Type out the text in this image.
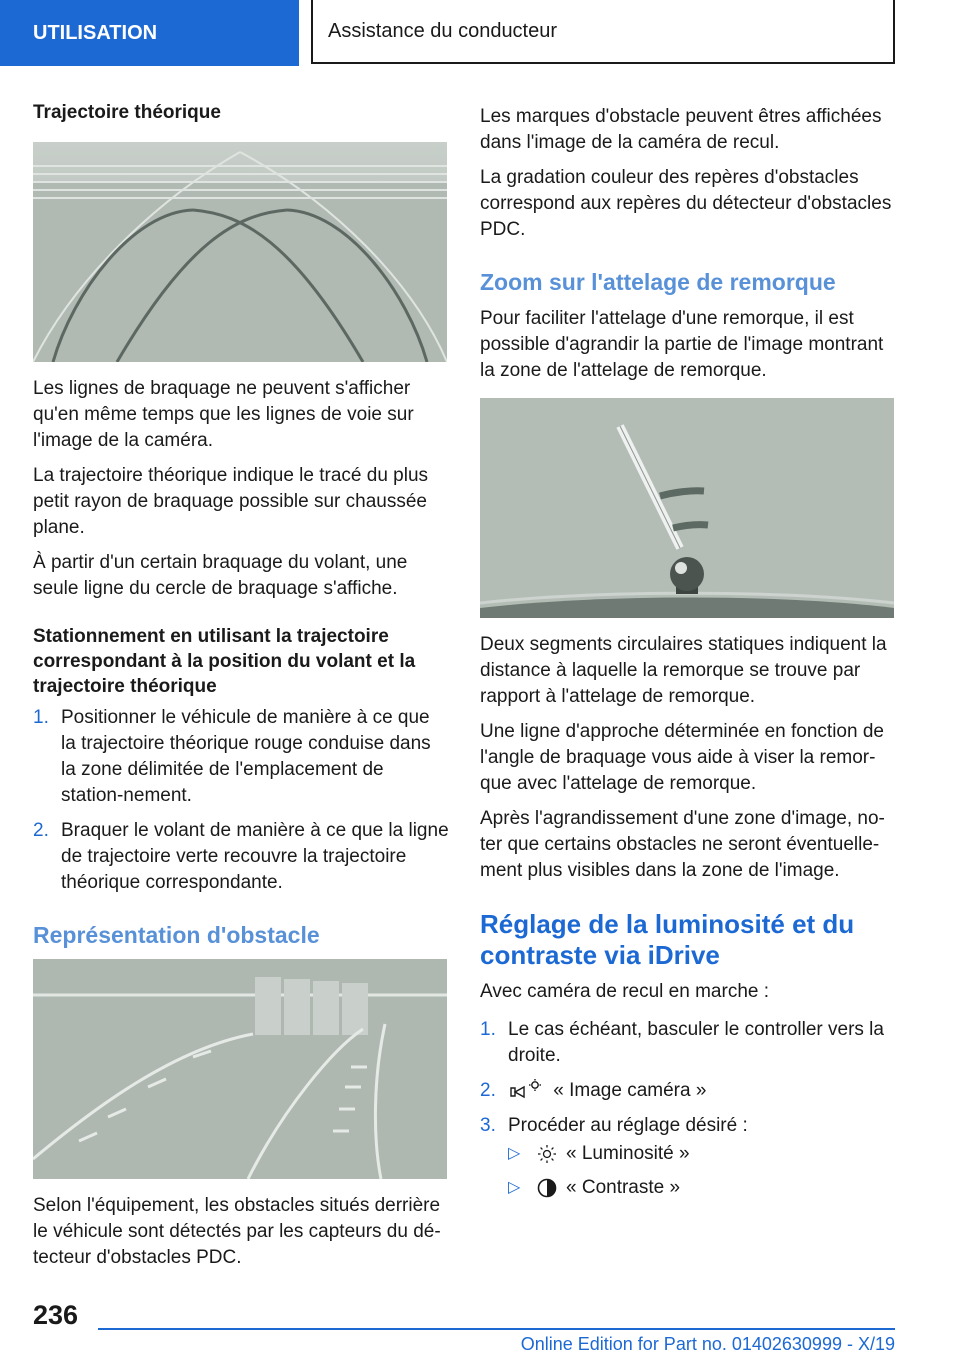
UTILISATION	Assistance du conducteur
Trajectoire théorique

Les lignes de braquage ne peuvent s'afficher qu'en même temps que les lignes de voie sur l'image de la caméra.

La trajectoire théorique indique le tracé du plus petit rayon de braquage possible sur chaussée plane.

À partir d'un certain braquage du volant, une seule ligne du cercle de braquage s'affiche.

Stationnement en utilisant la trajectoire correspondant à la position du volant et la trajectoire théorique
1. Positionner le véhicule de manière à ce que la trajectoire théorique rouge conduise dans la zone délimitée de l'emplacement de station‐nement.
2. Braquer le volant de manière à ce que la ligne de trajectoire verte recouvre la trajectoire théorique correspondante.
Représentation d'obstacle

Selon l'équipement, les obstacles situés derrière le véhicule sont détectés par les capteurs du dé‐tecteur d'obstacles PDC.

Les marques d'obstacle peuvent êtres affichées dans l'image de la caméra de recul.

La gradation couleur des repères d'obstacles correspond aux repères du détecteur d'obstacles PDC.

Zoom sur l'attelage de remorque

Pour faciliter l'attelage d'une remorque, il est possible d'agrandir la partie de l'image montrant la zone de l'attelage de remorque.

Deux segments circulaires statiques indiquent la distance à laquelle la remorque se trouve par rapport à l'attelage de remorque.

Une ligne d'approche déterminée en fonction de l'angle de braquage vous aide à viser la remor‐que avec l'attelage de remorque.

Après l'agrandissement d'une zone d'image, no‐ter que certains obstacles ne seront éventuelle‐ment plus visibles dans la zone de l'image.

Réglage de la luminosité et du contraste via iDrive

Avec caméra de recul en marche :

1. Le cas échéant, basculer le controller vers la droite.
2.	« Image caméra »
3. Procéder au réglage désiré :
▷ « Luminosité »
▷ « Contraste »
236
Online Edition for Part no. 01402630999 - X/19
